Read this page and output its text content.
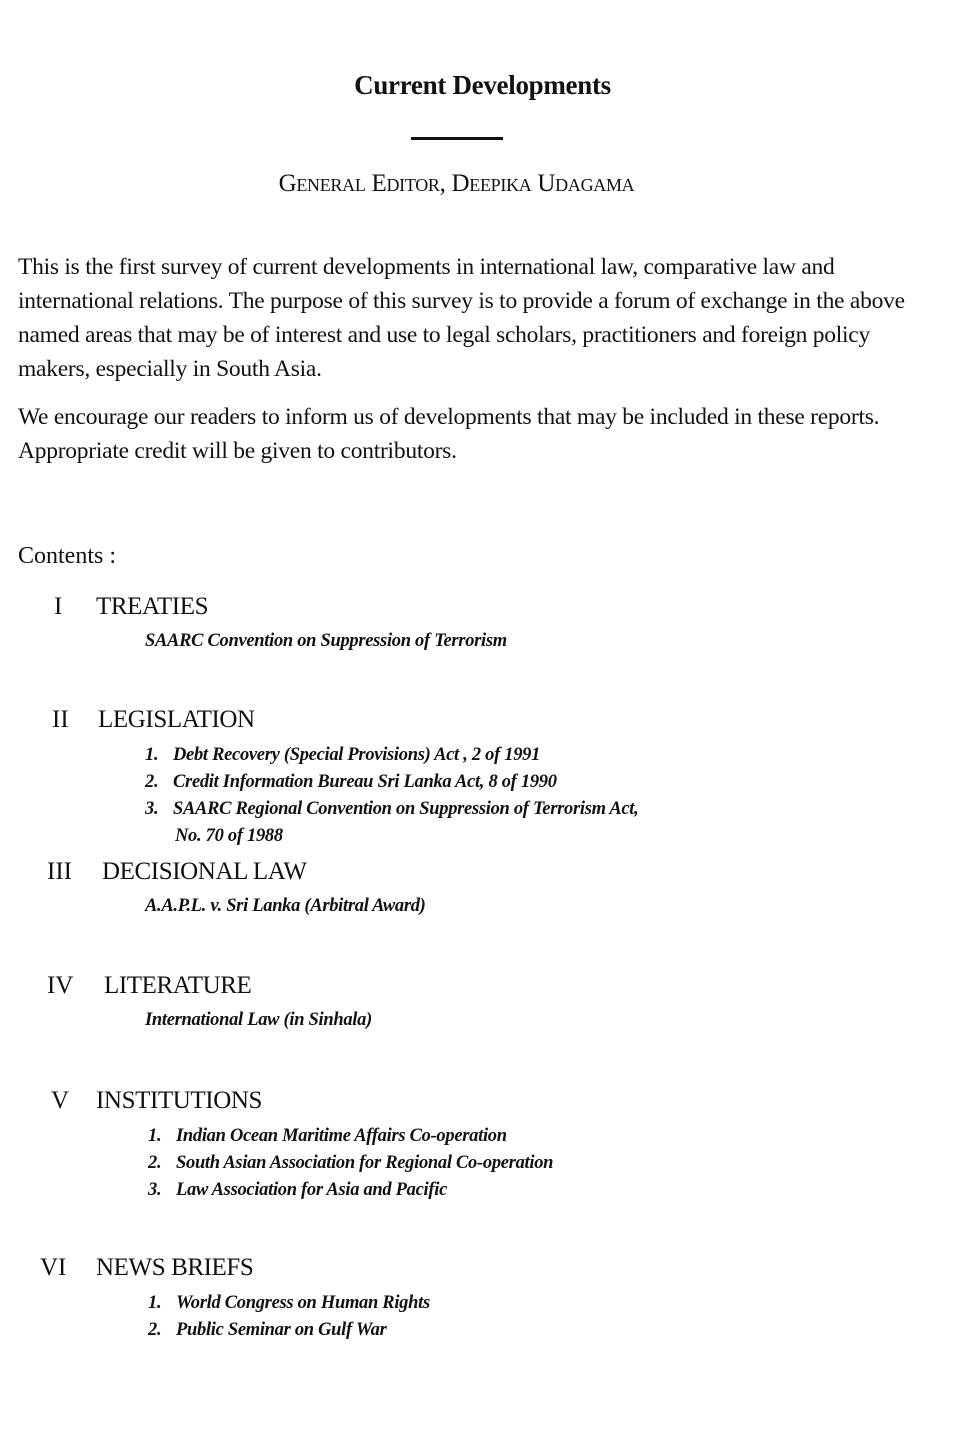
Current Developments
General Editor, Deepika Udagama

This is the first survey of current developments in international law, comparative law and international relations. The purpose of this survey is to provide a forum of exchange in the above named areas that may be of interest and use to legal scholars, practitioners and foreign policy makers, especially in South Asia.

We encourage our readers to inform us of developments that may be included in these reports. Appropriate credit will be given to contributors.

Contents :
I TREATIES
SAARC Convention on Suppression of Terrorism
II LEGISLATION
1. Debt Recovery (Special Provisions) Act , 2 of 1991
2. Credit Information Bureau Sri Lanka Act, 8 of 1990
3. SAARC Regional Convention on Suppression of Terrorism Act,
No. 70 of 1988
III DECISIONAL LAW
A.A.P.L. v. Sri Lanka (Arbitral Award)
IV LITERATURE
International Law (in Sinhala)
V INSTITUTIONS
1. Indian Ocean Maritime Affairs Co-operation
2. South Asian Association for Regional Co-operation
3. Law Association for Asia and Pacific
VI NEWS BRIEFS
1. World Congress on Human Rights
2. Public Seminar on Gulf War
